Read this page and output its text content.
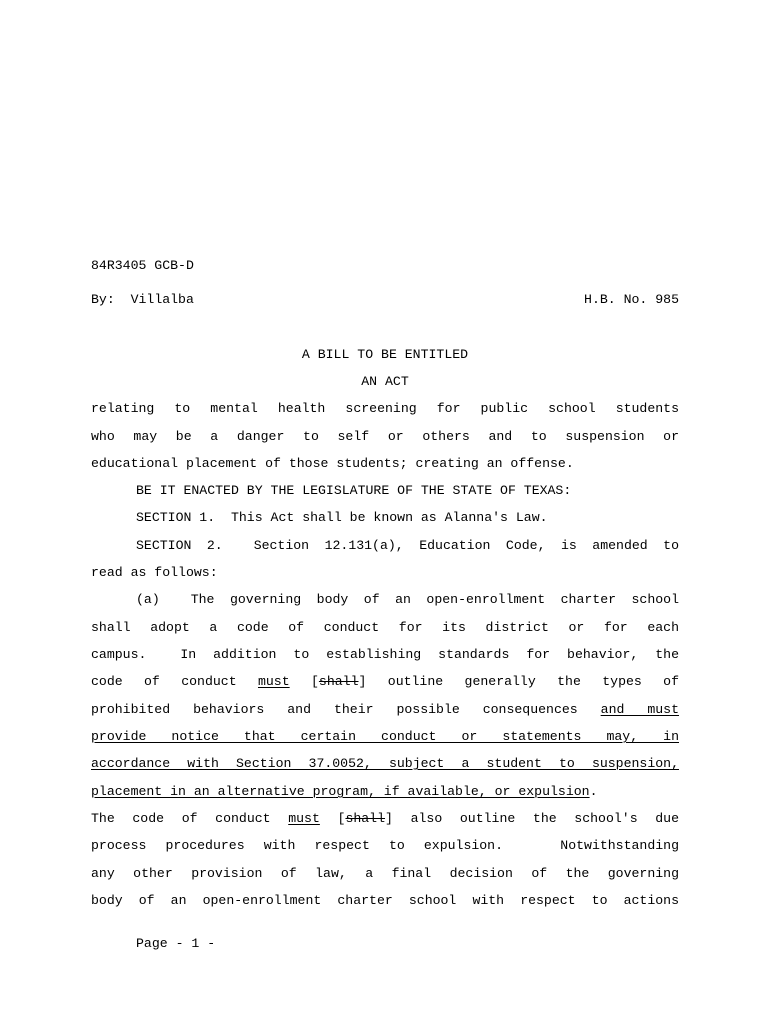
84R3405 GCB-D
By: Villalba	H.B. No. 985
A BILL TO BE ENTITLED
AN ACT
relating to mental health screening for public school students
who may be a danger to self or others and to suspension or
educational placement of those students; creating an offense.
BE IT ENACTED BY THE LEGISLATURE OF THE STATE OF TEXAS:
SECTION 1.  This Act shall be known as Alanna's Law.
SECTION 2.  Section 12.131(a), Education Code, is amended to
read as follows:
(a)  The governing body of an open-enrollment charter school
shall adopt a code of conduct for its district or for each
campus.  In addition to establishing standards for behavior, the
code of conduct must [shall] outline generally the types of
prohibited behaviors and their possible consequences and must
provide notice that certain conduct or statements may, in
accordance with Section 37.0052, subject a student to suspension,
placement in an alternative program, if available, or expulsion.
The code of conduct must [shall] also outline the school's due
process procedures with respect to expulsion.   Notwithstanding
any other provision of law, a final decision of the governing
body of an open-enrollment charter school with respect to actions
Page - 1 -
